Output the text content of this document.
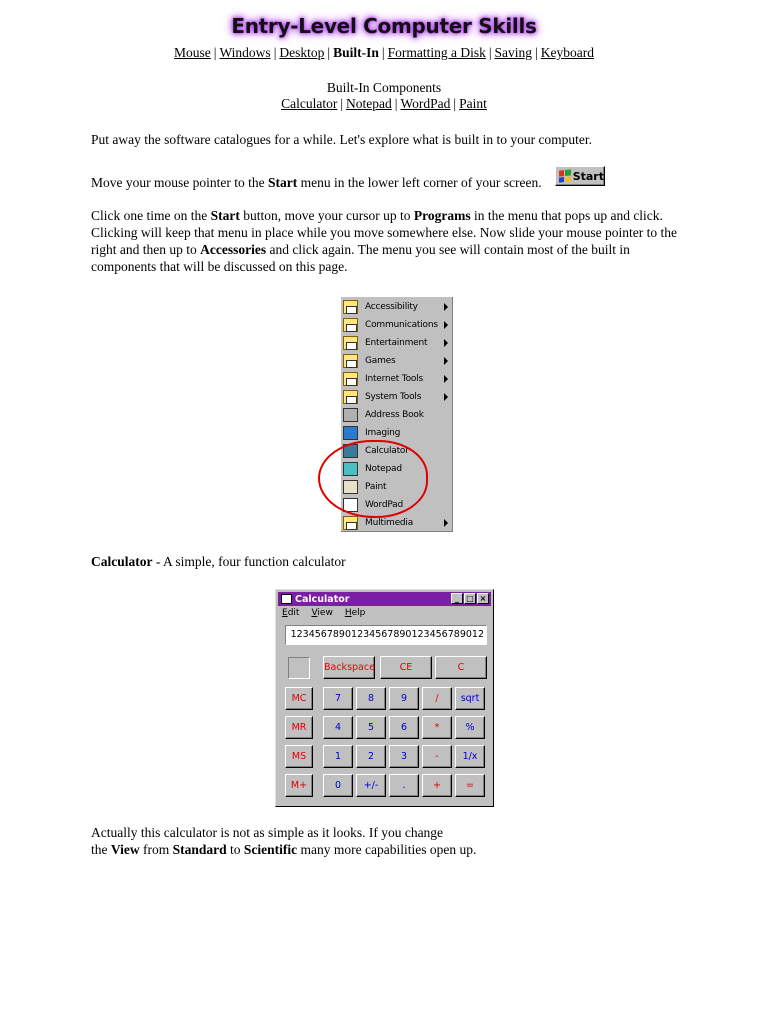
Entry-Level Computer Skills
Mouse | Windows | Desktop | Built-In | Formatting a Disk | Saving | Keyboard
Built-In Components
Calculator | Notepad | WordPad | Paint
Put away the software catalogues for a while. Let's explore what is built in to your computer.
Move your mouse pointer to the Start menu in the lower left corner of your screen.	Start
Click one time on the Start button, move your cursor up to Programs in the menu that pops up and click. Clicking will keep that menu in place while you move somewhere else. Now slide your mouse pointer to the right and then up to Accessories and click again. The menu you see will contain most of the built in components that will be discussed on this page.
Accessibility
Communications
Entertainment
Games
Internet Tools
System Tools
Address Book
Imaging
Calculator
Notepad
Paint
WordPad
Multimedia
Calculator - A simple, four function calculator
Calculator	_ □ ×
Edit View Help
12345678901234567890123456789012
Backspace	CE	C
MC	7	8	9	/	sqrt
MR	4	5	6	*	%
MS	1	2	3	-	1/x
M+	0	+/-	.	+	=
Actually this calculator is not as simple as it looks. If you change
the View from Standard to Scientific many more capabilities open up.
